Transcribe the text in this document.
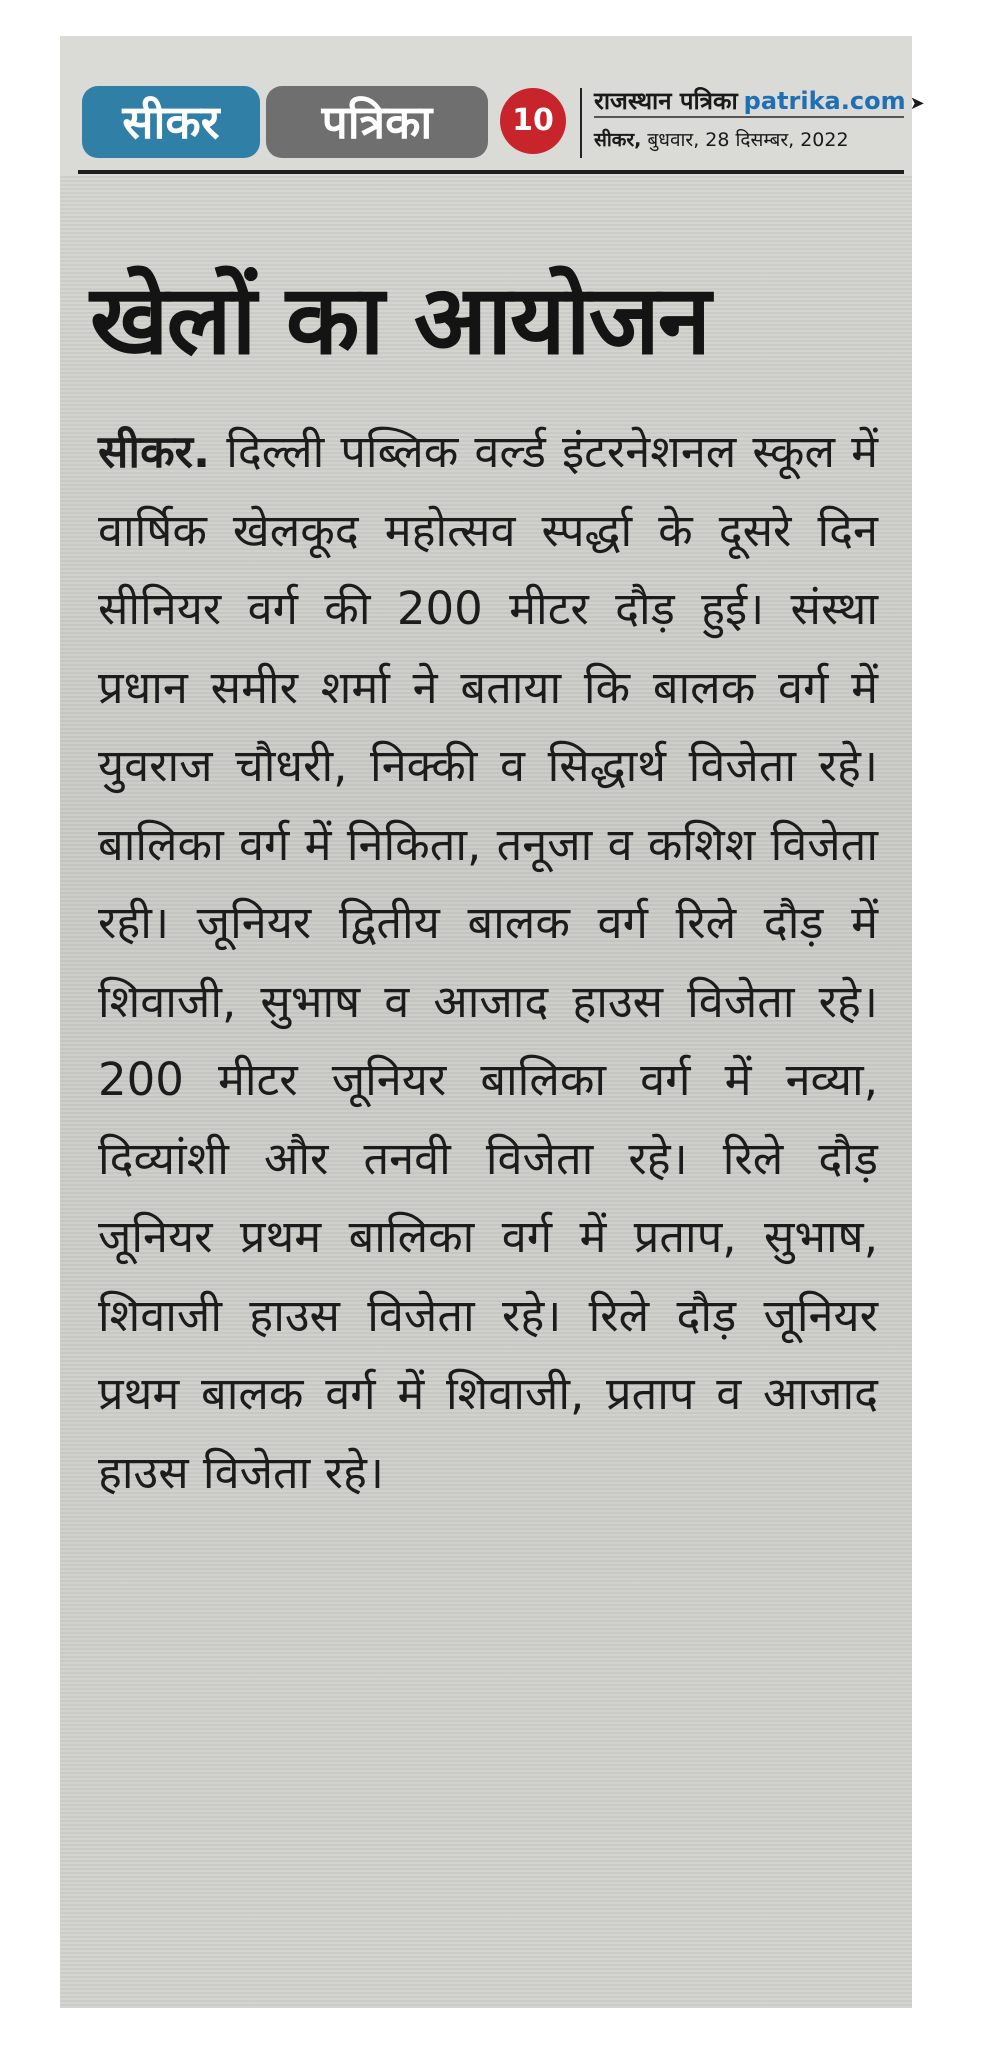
सीकर	पत्रिका	10
राजस्थान पत्रिका patrika.com ➤
सीकर, बुधवार, 28 दिसम्बर, 2022
खेलों का आयोजन

सीकर. दिल्ली पब्लिक वर्ल्ड इंटरनेशनल स्कूल में वार्षिक खेलकूद महोत्सव स्पर्द्धा के दूसरे दिन सीनियर वर्ग की 200 मीटर दौड़ हुई। संस्था प्रधान समीर शर्मा ने बताया कि बालक वर्ग में युवराज चौधरी, निक्की व सिद्धार्थ विजेता रहे। बालिका वर्ग में निकिता, तनूजा व कशिश विजेता रही। जूनियर द्वितीय बालक वर्ग रिले दौड़ में शिवाजी, सुभाष व आजाद हाउस विजेता रहे। 200 मीटर जूनियर बालिका वर्ग में नव्या, दिव्यांशी और तनवी विजेता रहे। रिले दौड़ जूनियर प्रथम बालिका वर्ग में प्रताप, सुभाष, शिवाजी हाउस विजेता रहे। रिले दौड़ जूनियर प्रथम बालक वर्ग में शिवाजी, प्रताप व आजाद हाउस विजेता रहे।
